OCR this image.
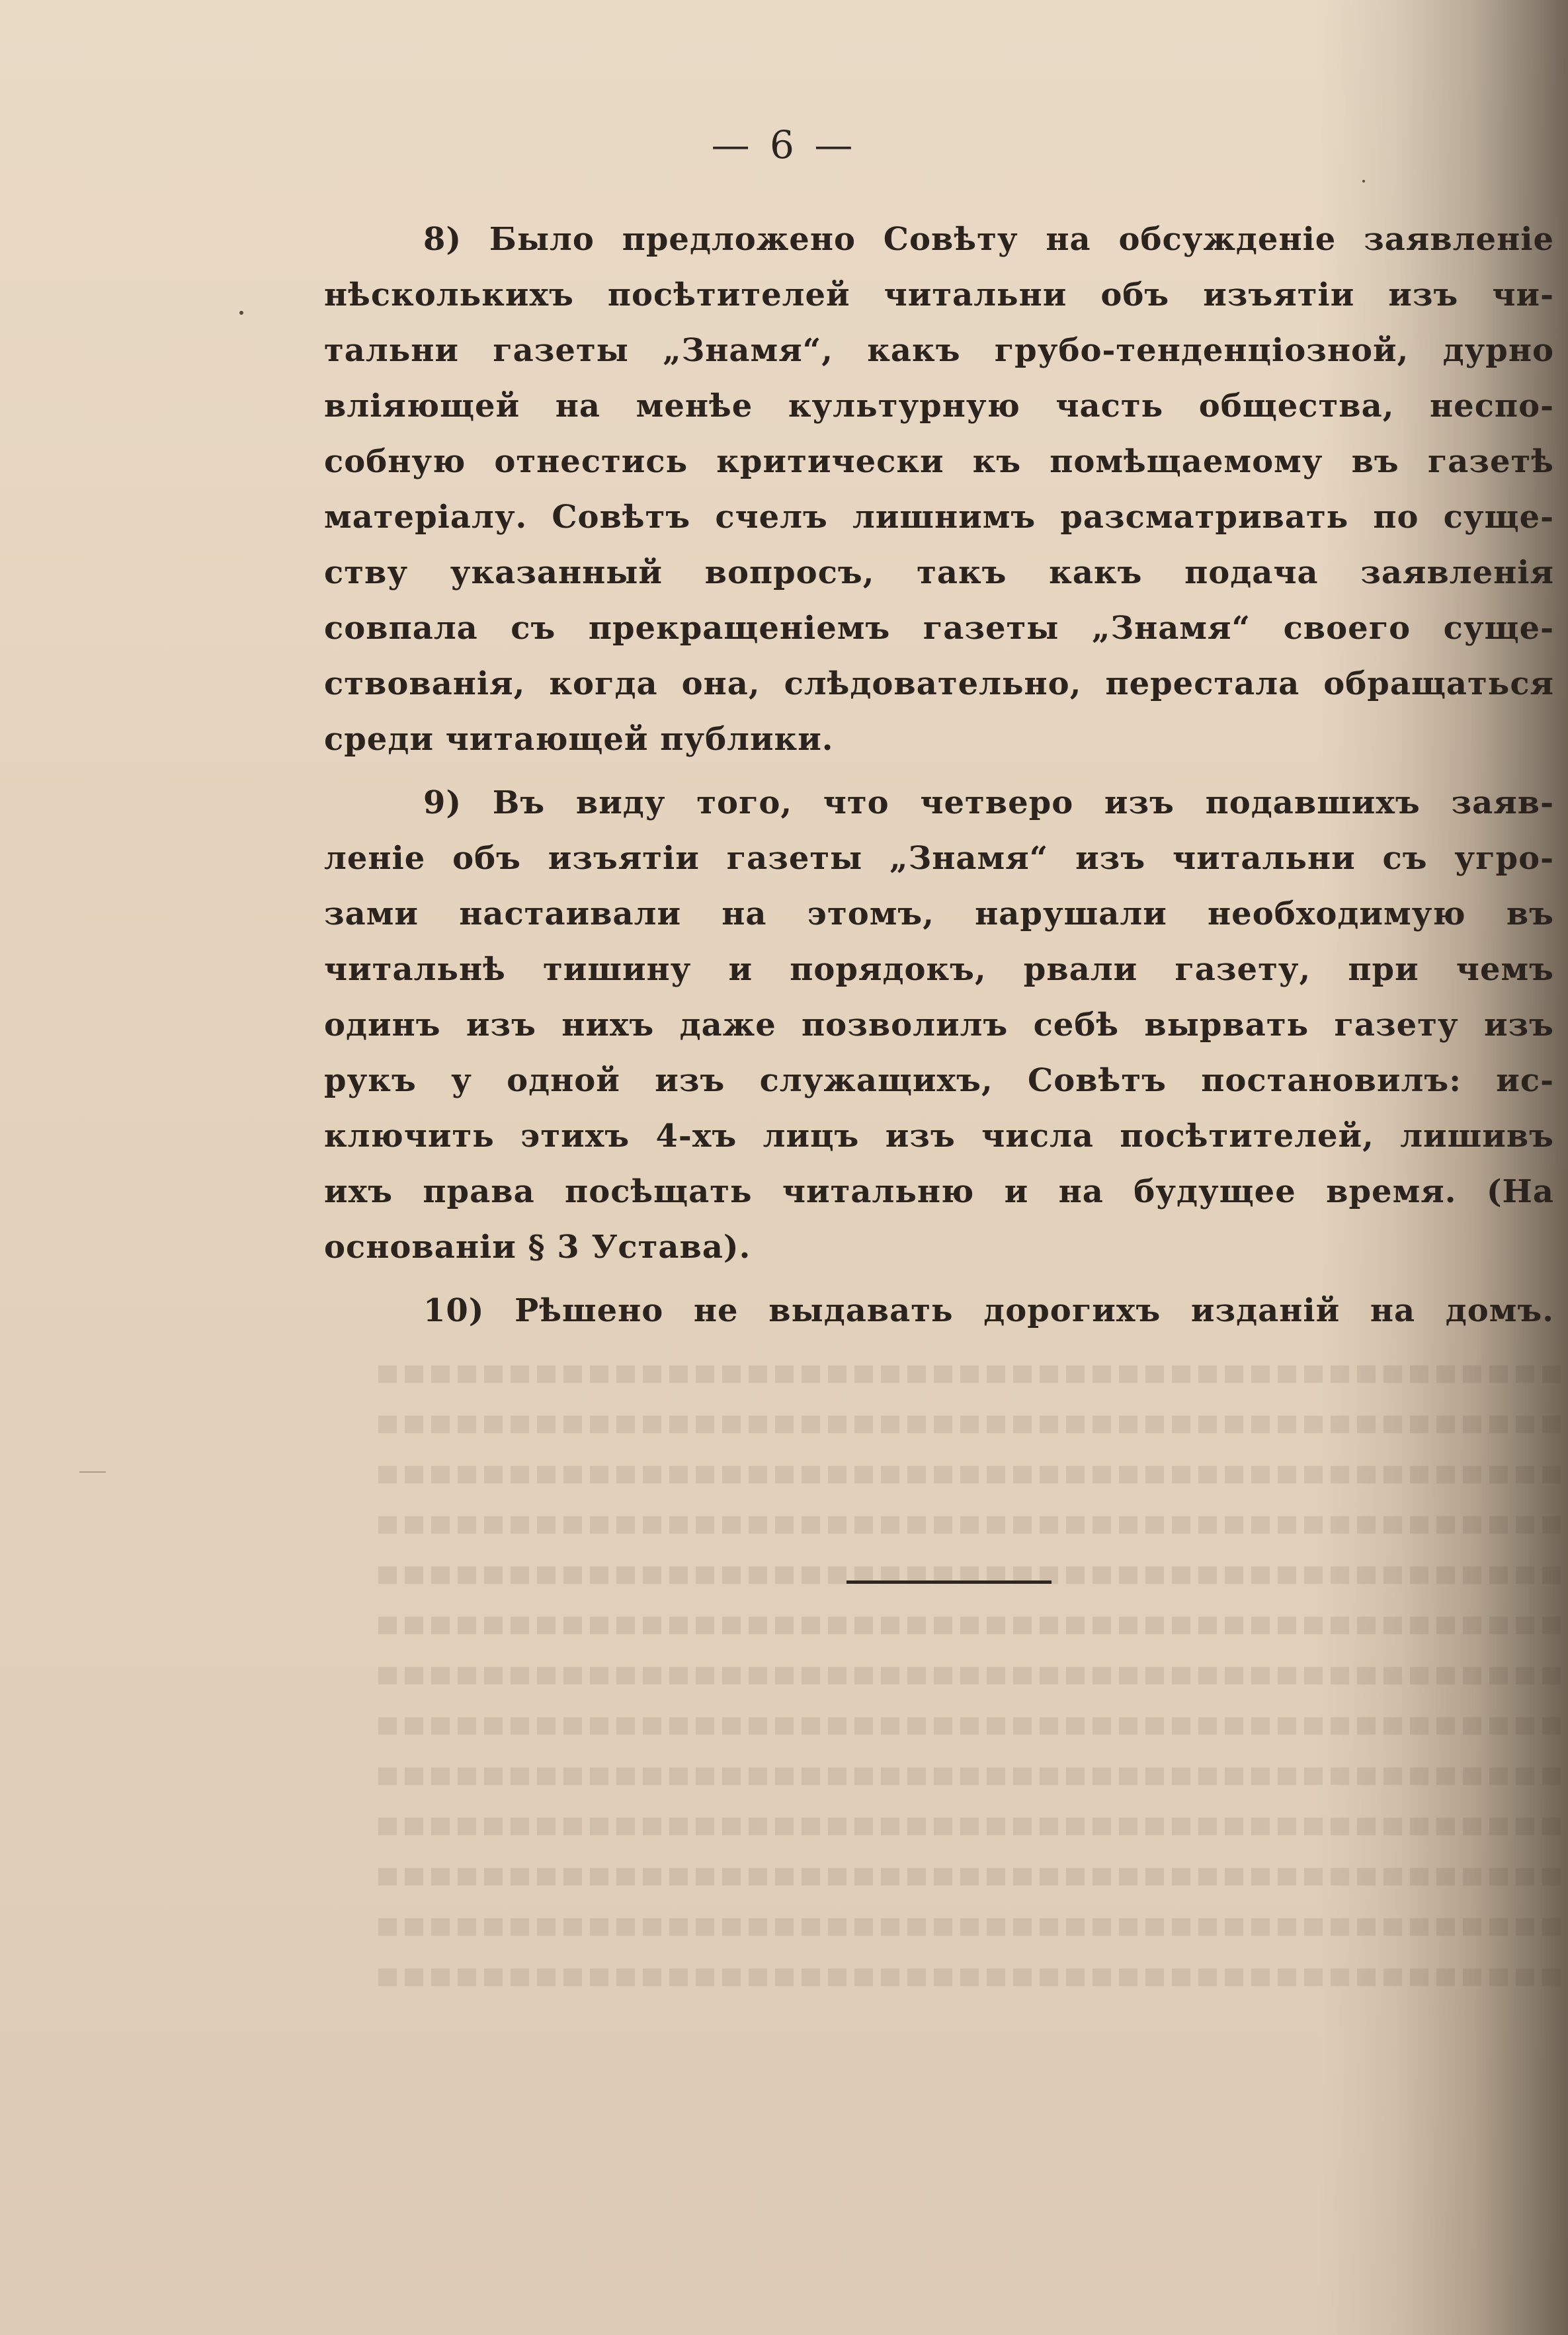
— 6 —
8) Было предложено Совѣту на обсужденіе заявленіе
нѣсколькихъ посѣтителей читальни объ изъятіи изъ чи-
тальни газеты „Знамя“, какъ грубо-тенденціозной, дурно
вліяющей на менѣе культурную часть общества, неспо-
собную отнестись критически къ помѣщаемому въ газетѣ
матеріалу. Совѣтъ счелъ лишнимъ разсматривать по суще-
ству указанный вопросъ, такъ какъ подача заявленія
совпала съ прекращеніемъ газеты „Знамя“ своего суще-
ствованія, когда она, слѣдовательно, перестала обращаться
среди читающей публики.
9) Въ виду того, что четверо изъ подавшихъ заяв-
леніе объ изъятіи газеты „Знамя“ изъ читальни съ угро-
зами настаивали на этомъ, нарушали необходимую въ
читальнѣ тишину и порядокъ, рвали газету, при чемъ
одинъ изъ нихъ даже позволилъ себѣ вырвать газету изъ
рукъ у одной изъ служащихъ, Совѣтъ постановилъ: ис-
ключить этихъ 4-хъ лицъ изъ числа посѣтителей, лишивъ
ихъ права посѣщать читальню и на будущее время. (На
основаніи § 3 Устава).
10) Рѣшено не выдавать дорогихъ изданій на домъ.
